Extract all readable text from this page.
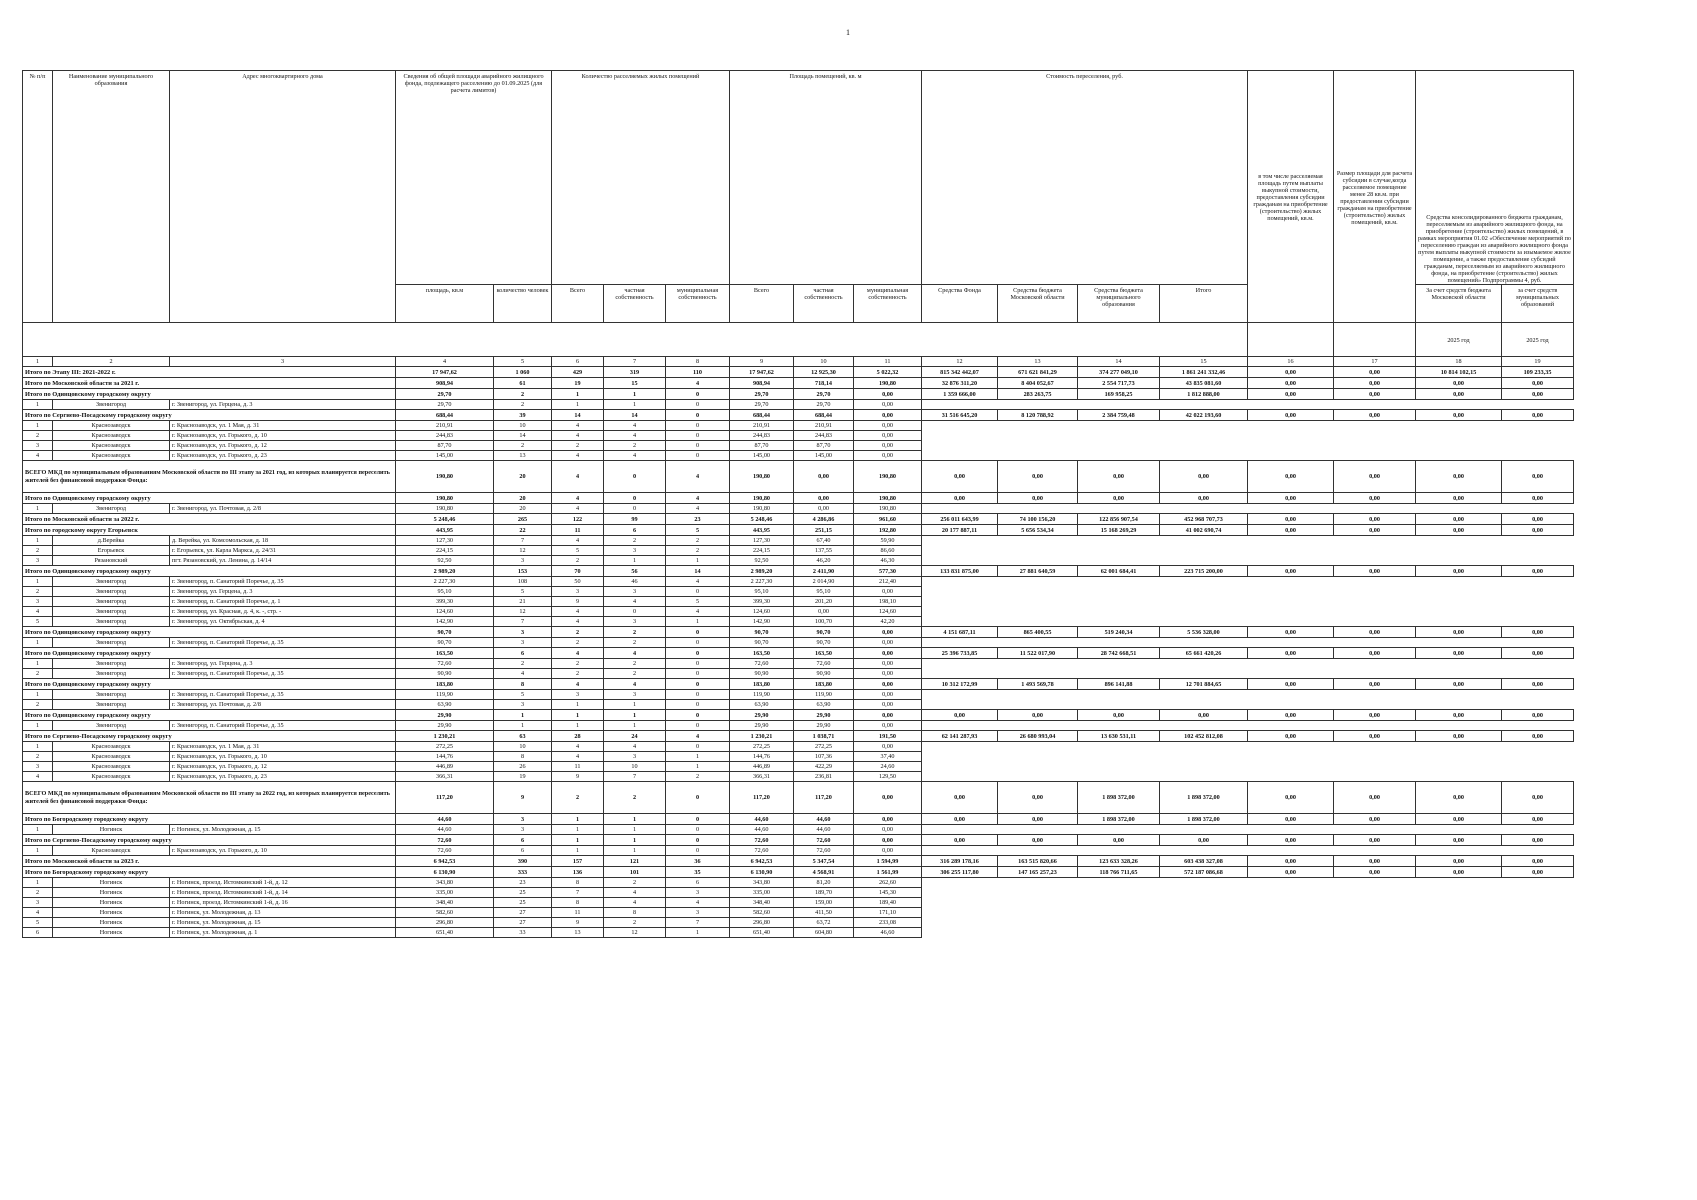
1
№ п/п	Наименование муниципального образования	Адрес многоквартирного дома	Сведения об общей площади аварийного жилищного фонда, подлежащего расселению до 01.09.2025 (для расчета лимитов)		Количество расселяемых жилых помещений			Площадь помещений, кв. м			Стоимость переселения, руб.				в том числе расселяемая площадь путем выплаты выкупной стоимости, предоставления субсидии гражданам на приобретение (строительство) жилых помещений, кв.м.	Размер площади для расчета субсидии в случае,когда расселяемое помещение менее 28 кв.м. при предоставлении субсидии гражданам на приобретение (строительство) жилых помещений, кв.м.	Средства консолидированного бюджета гражданам, переселяемым из аварийного жилищного фонда, на приобретение (строительство) жилых помещений, в рамках мероприятия 01.02 «Обеспечение мероприятий по переселению граждан из аварийного жилищного фонда путем выплаты выкупной стоимости за изымаемое жилое помещение, а также предоставление субсидий гражданам, переселяемым из аварийного жилищного фонда, на приобретение (строительство) жилых помещений» Подпрограммы 4, руб.	
			площадь, кв.м	количество человек	Всего	частная собственность	муниципальная собственность	Всего	частная собственность	муниципальная собственность	Средства Фонда	Средства бюджета Московской области	Средства бюджета муниципального образования	Итого			За счет средств бюджета Московской области	за счет средств муниципальных образований
																	2025 год	2025 год
1	2	3	4	5	6	7	8	9	10	11	12	13	14	15	16	17	18	19
Итого по Этапу III: 2021-2022 г.			17 947,62	1 060	429	319	110	17 947,62	12 925,30	5 022,32	815 342 442,07	671 621 841,29	374 277 049,10	1 861 241 332,46	0,00	0,00	10 814 102,15	109 233,35
Итого по Московской области за 2021 г.			908,94	61	19	15	4	908,94	718,14	190,80	32 876 311,20	8 404 052,67	2 554 717,73	43 835 081,60	0,00	0,00	0,00	0,00
Итого по Одинцовскому городскому округу			29,70	2	1	1	0	29,70	29,70	0,00	1 359 666,00	283 263,75	169 958,25	1 812 888,00	0,00	0,00	0,00	0,00
1	Звенигород	г. Звенигород, ул. Герцена, д. 3	29,70	2	1	1	0	29,70	29,70	0,00								
Итого по Сергиево-Посадскому городскому округу			688,44	39	14	14	0	688,44	688,44	0,00	31 516 645,20	8 120 788,92	2 384 759,48	42 022 193,60	0,00	0,00	0,00	0,00
1	Краснозаводск	г. Краснозаводск, ул. 1 Мая, д. 31	210,91	10	4	4	0	210,91	210,91	0,00								
2	Краснозаводск	г. Краснозаводск, ул. Горького, д. 10	244,83	14	4	4	0	244,83	244,83	0,00								
3	Краснозаводск	г. Краснозаводск, ул. Горького, д. 12	87,70	2	2	2	0	87,70	87,70	0,00								
4	Краснозаводск	г. Краснозаводск, ул. Горького, д. 23	145,00	13	4	4	0	145,00	145,00	0,00								
ВСЕГО МКД по муниципальным образованиям Московской области по III этапу за 2021 год, из которых планируется переселить жителей без финансовой поддержки Фонда:			190,80	20	4	0	4	190,80	0,00	190,80	0,00	0,00	0,00	0,00	0,00	0,00	0,00	0,00
Итого по Одинцовскому городскому округу			190,80	20	4	0	4	190,80	0,00	190,80	0,00	0,00	0,00	0,00	0,00	0,00	0,00	0,00
1	Звенигород	г. Звенигород, ул. Почтовая, д. 2/8	190,80	20	4	0	4	190,80	0,00	190,80								
Итого по Московской области за 2022 г.			5 248,46	265	122	99	23	5 248,46	4 286,86	961,60	256 011 643,99	74 100 156,20	122 856 907,54	452 968 707,73	0,00	0,00	0,00	0,00
Итого по городскому округу Егорьевск			443,95	22	11	6	5	443,95	251,15	192,80	20 177 887,11	5 656 534,34	15 168 269,29	41 002 690,74	0,00	0,00	0,00	0,00
1	д.Верейка	д. Верейка, ул. Комсомольская, д. 18	127,30	7	4	2	2	127,30	67,40	59,90								
2	Егорьевск	г. Егорьевск, ул. Карла Маркса, д. 24/31	224,15	12	5	3	2	224,15	137,55	86,60								
3	Рязановский	пгт. Рязановский, ул. Ленина, д. 14/14	92,50	3	2	1	1	92,50	46,20	46,30								
Итого по Одинцовскому городскому округу			2 989,20	153	70	56	14	2 989,20	2 411,90	577,30	133 831 875,00	27 881 640,59	62 001 684,41	223 715 200,00	0,00	0,00	0,00	0,00
1	Звенигород	г. Звенигород, п. Санаторий Поречье, д. 35	2 227,30	108	50	46	4	2 227,30	2 014,90	212,40								
2	Звенигород	г. Звенигород, ул. Герцена, д. 3	95,10	5	3	3	0	95,10	95,10	0,00								
3	Звенигород	г. Звенигород, п. Санаторий Поречье, д. 1	399,30	21	9	4	5	399,30	201,20	198,10								
4	Звенигород	г. Звенигород, ул. Красная, д. 4, к. -, стр. -	124,60	12	4	0	4	124,60	0,00	124,60								
5	Звенигород	г. Звенигород, ул. Октябрьская, д. 4	142,90	7	4	3	1	142,90	100,70	42,20								
Итого по Одинцовскому городскому округу			90,70	3	2	2	0	90,70	90,70	0,00	4 151 687,11	865 400,55	519 240,34	5 536 328,00	0,00	0,00	0,00	0,00
1	Звенигород	г. Звенигород, п. Санаторий Поречье, д. 35	90,70	3	2	2	0	90,70	90,70	0,00								
Итого по Одинцовскому городскому округу			163,50	6	4	4	0	163,50	163,50	0,00	25 396 733,85	11 522 017,90	28 742 668,51	65 661 420,26	0,00	0,00	0,00	0,00
1	Звенигород	г. Звенигород, ул. Герцена, д. 3	72,60	2	2	2	0	72,60	72,60	0,00								
2	Звенигород	г. Звенигород, п. Санаторий Поречье, д. 35	90,90	4	2	2	0	90,90	90,90	0,00								
Итого по Одинцовскому городскому округу			183,80	8	4	4	0	183,80	183,80	0,00	10 312 172,99	1 493 569,78	896 141,88	12 701 884,65	0,00	0,00	0,00	0,00
1	Звенигород	г. Звенигород, п. Санаторий Поречье, д. 35	119,90	5	3	3	0	119,90	119,90	0,00								
2	Звенигород	г. Звенигород, ул. Почтовая, д. 2/8	63,90	3	1	1	0	63,90	63,90	0,00								
Итого по Одинцовскому городскому округу			29,90	1	1	1	0	29,90	29,90	0,00	0,00	0,00	0,00	0,00	0,00	0,00	0,00	0,00
1	Звенигород	г. Звенигород, п. Санаторий Поречье, д. 35	29,90	1	1	1	0	29,90	29,90	0,00								
Итого по Сергиево-Посадскому городскому округу			1 230,21	63	28	24	4	1 230,21	1 038,71	191,50	62 141 287,93	26 680 993,04	13 630 531,11	102 452 812,08	0,00	0,00	0,00	0,00
1	Краснозаводск	г. Краснозаводск, ул. 1 Мая, д. 31	272,25	10	4	4	0	272,25	272,25	0,00								
2	Краснозаводск	г. Краснозаводск, ул. Горького, д. 10	144,76	8	4	3	1	144,76	107,36	37,40								
3	Краснозаводск	г. Краснозаводск, ул. Горького, д. 12	446,89	26	11	10	1	446,89	422,29	24,60								
4	Краснозаводск	г. Краснозаводск, ул. Горького, д. 23	366,31	19	9	7	2	366,31	236,81	129,50								
ВСЕГО МКД по муниципальным образованиям Московской области по III этапу за 2022 год, из которых планируется переселить жителей без финансовой поддержки Фонда:			117,20	9	2	2	0	117,20	117,20	0,00	0,00	0,00	1 898 372,00	1 898 372,00	0,00	0,00	0,00	0,00
Итого по Богородскому городскому округу			44,60	3	1	1	0	44,60	44,60	0,00	0,00	0,00	1 898 372,00	1 898 372,00	0,00	0,00	0,00	0,00
1	Ногинск	г. Ногинск, ул. Молодежная, д. 15	44,60	3	1	1	0	44,60	44,60	0,00								
Итого по Сергиево-Посадскому городскому округу			72,60	6	1	1	0	72,60	72,60	0,00	0,00	0,00	0,00	0,00	0,00	0,00	0,00	0,00
1	Краснозаводск	г. Краснозаводск, ул. Горького, д. 10	72,60	6	1	1	0	72,60	72,60	0,00								
Итого по Московской области за 2023 г.			6 942,53	390	157	121	36	6 942,53	5 347,54	1 594,99	316 289 178,16	163 515 820,66	123 633 328,26	603 438 327,08	0,00	0,00	0,00	0,00
Итого по Богородскому городскому округу			6 130,90	333	136	101	35	6 130,90	4 568,91	1 561,99	306 255 117,80	147 165 257,23	118 766 711,65	572 187 086,68	0,00	0,00	0,00	0,00
1	Ногинск	г. Ногинск, проезд. Истомкинский 1-й, д. 12	343,80	23	8	2	6	343,80	81,20	262,60								
2	Ногинск	г. Ногинск, проезд. Истомкинский 1-й, д. 14	335,00	25	7	4	3	335,00	189,70	145,30								
3	Ногинск	г. Ногинск, проезд. Истомкинский 1-й, д. 16	348,40	25	8	4	4	348,40	159,00	189,40								
4	Ногинск	г. Ногинск, ул. Молодежная, д. 13	582,60	27	11	8	3	582,60	411,50	171,10								
5	Ногинск	г. Ногинск, ул. Молодежная, д. 15	296,80	27	9	2	7	296,80	63,72	233,08								
6	Ногинск	г. Ногинск, ул. Молодежная, д. 1	651,40	33	13	12	1	651,40	604,80	46,60								
